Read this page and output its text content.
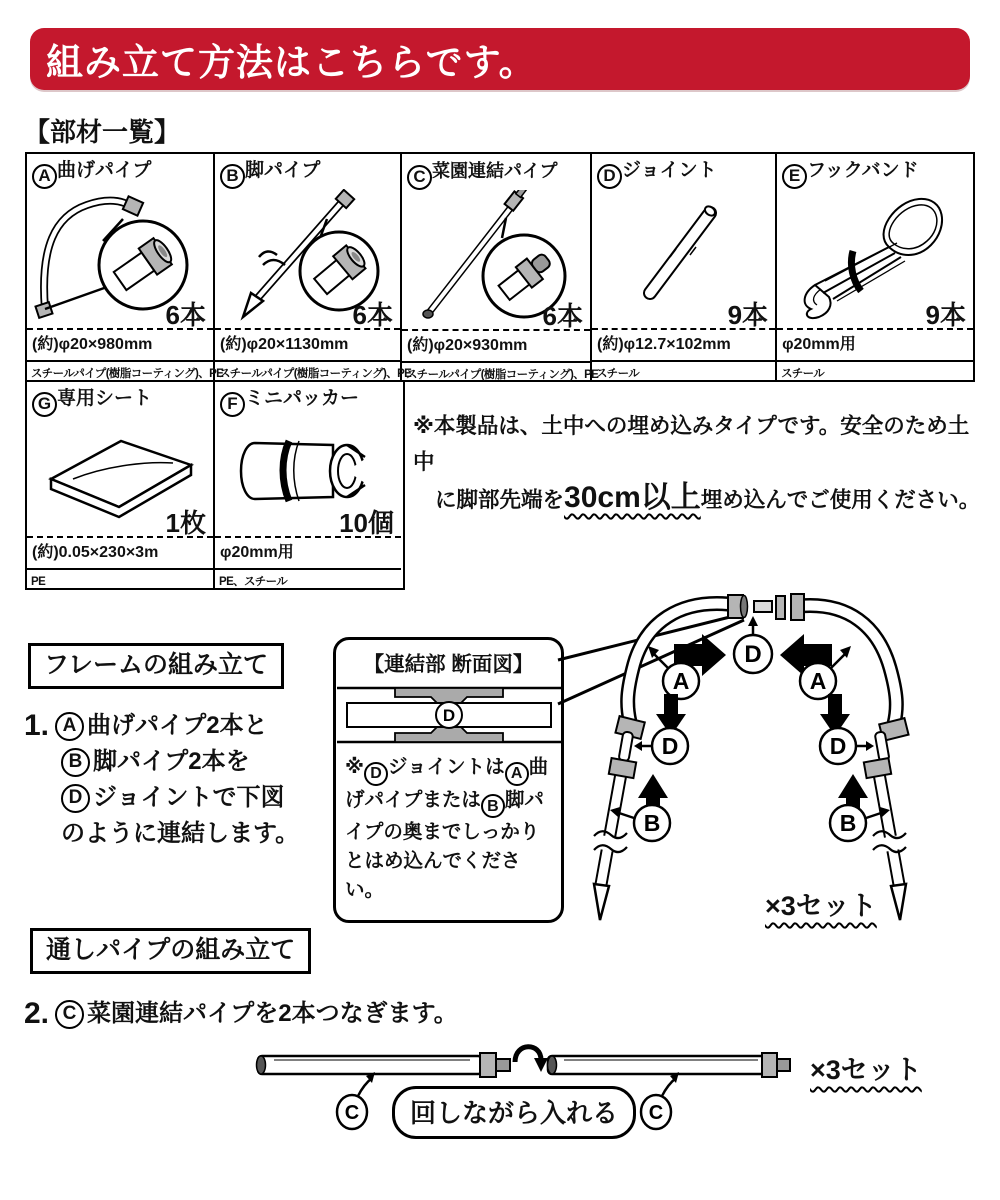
組み立て方法はこちらです。
【部材一覧】
A 曲げパイプ
6本
(約)φ20×980mm
スチールパイプ(樹脂コーティング)、PE
B 脚パイプ
6本
(約)φ20×1130mm
スチールパイプ(樹脂コーティング)、PE
C 菜園連結パイプ
6本
(約)φ20×930mm
スチールパイプ(樹脂コーティング)、PE
D ジョイント
9本
(約)φ12.7×102mm
スチール
E フックバンド
9本
φ20mm用
スチール
G 専用シート
1枚
(約)0.05×230×3m
PE
F ミニパッカー
10個
φ20mm用
PE、スチール
※本製品は、土中への埋め込みタイプです。安全のため土中
に脚部先端を30cm以上埋め込んでご使用ください。
フレームの組み立て
1. A 曲げパイプ2本と
B 脚パイプ2本を
D ジョイントで下図
のように連結します。
【連結部 断面図】
D
※ D ジョイントは A 曲げパイプまたは B 脚パイプの奥までしっかりとはめ込んでください。
D
A	A
D	D
B	B
×3セット
通しパイプの組み立て
2. C 菜園連結パイプを2本つなぎます。
C	C
回しながら入れる
×3セット
